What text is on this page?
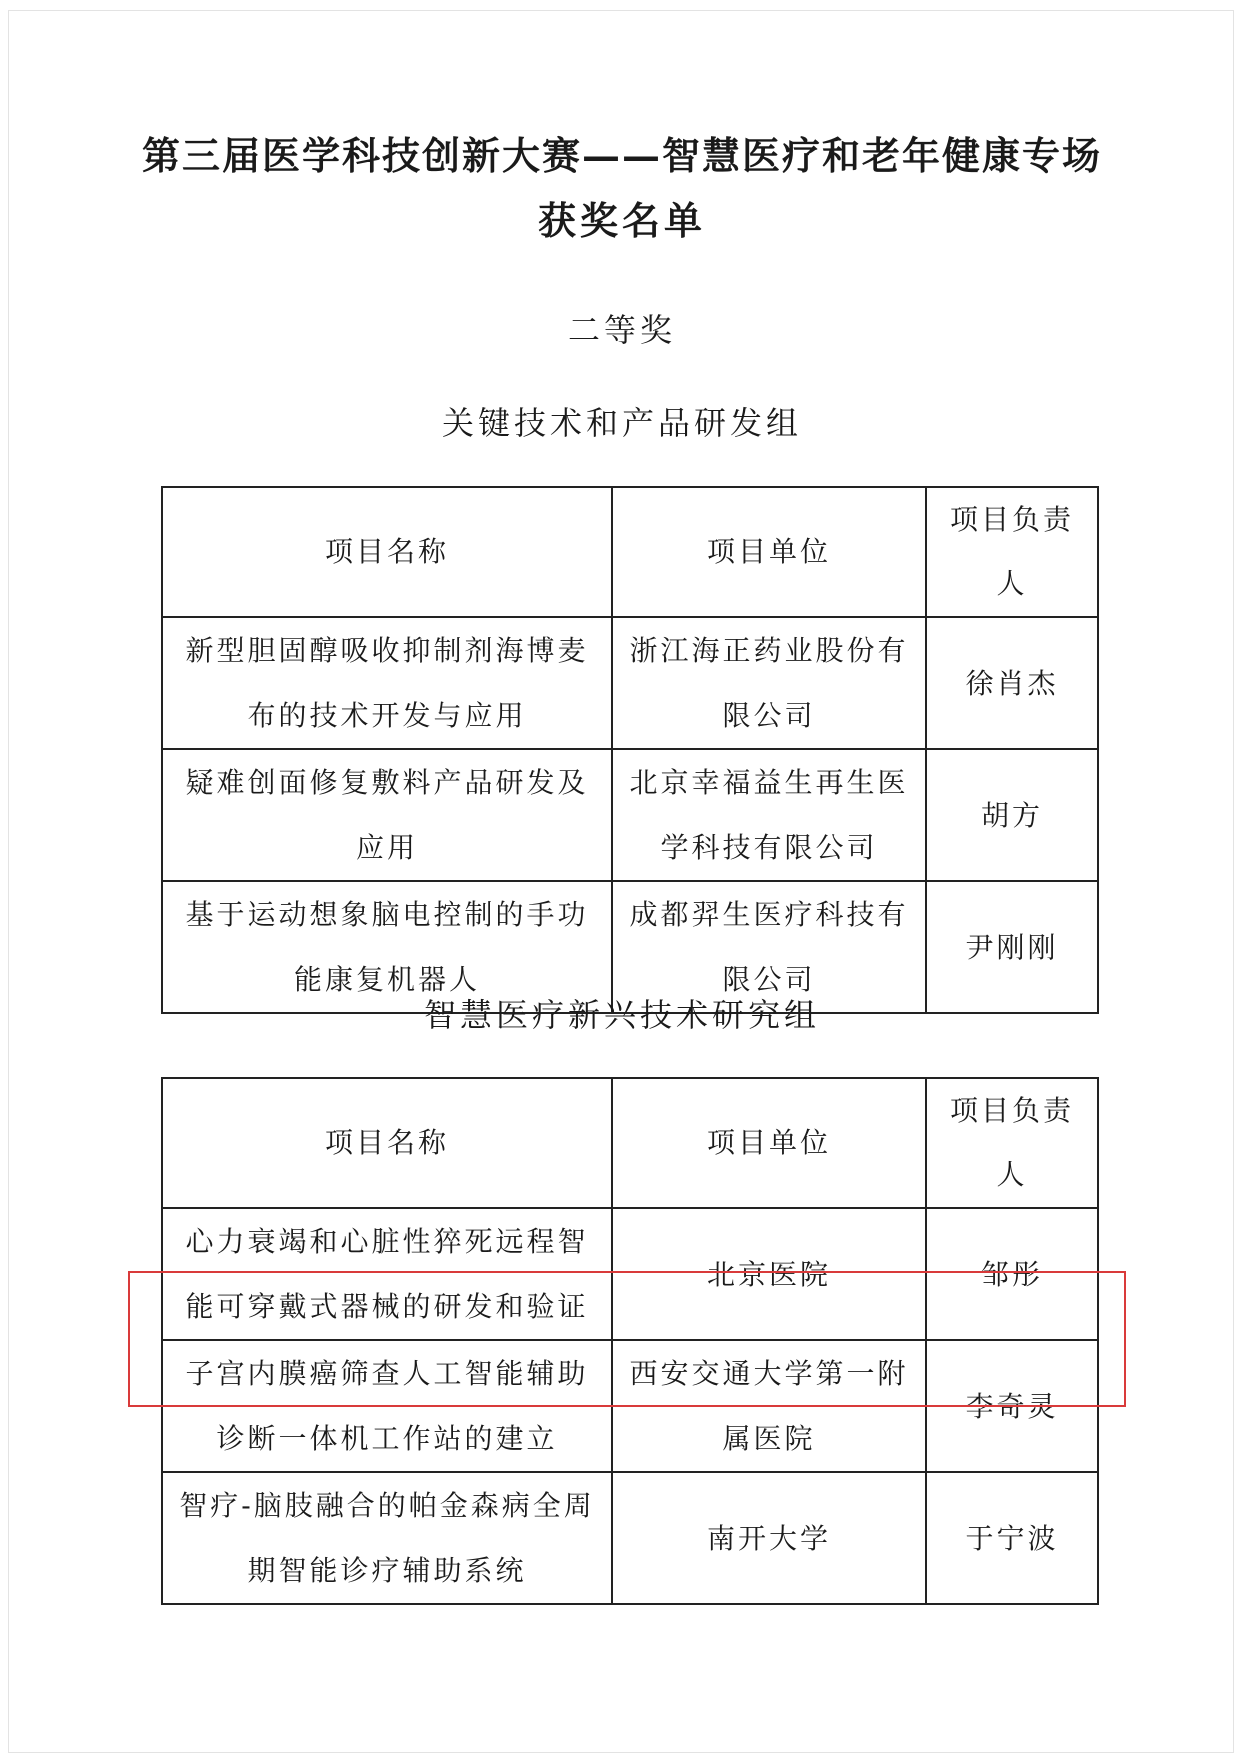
第三届医学科技创新大赛——智慧医疗和老年健康专场
获奖名单
二等奖
关键技术和产品研发组
项目名称	项目单位	项目负责人
新型胆固醇吸收抑制剂海博麦布的技术开发与应用	浙江海正药业股份有限公司	徐肖杰
疑难创面修复敷料产品研发及应用	北京幸福益生再生医学科技有限公司	胡方
基于运动想象脑电控制的手功能康复机器人	成都羿生医疗科技有限公司	尹刚刚
智慧医疗新兴技术研究组
项目名称	项目单位	项目负责人
心力衰竭和心脏性猝死远程智能可穿戴式器械的研发和验证	北京医院	邹彤
子宫内膜癌筛查人工智能辅助诊断一体机工作站的建立	西安交通大学第一附属医院	李奇灵
智疗-脑肢融合的帕金森病全周期智能诊疗辅助系统	南开大学	于宁波
